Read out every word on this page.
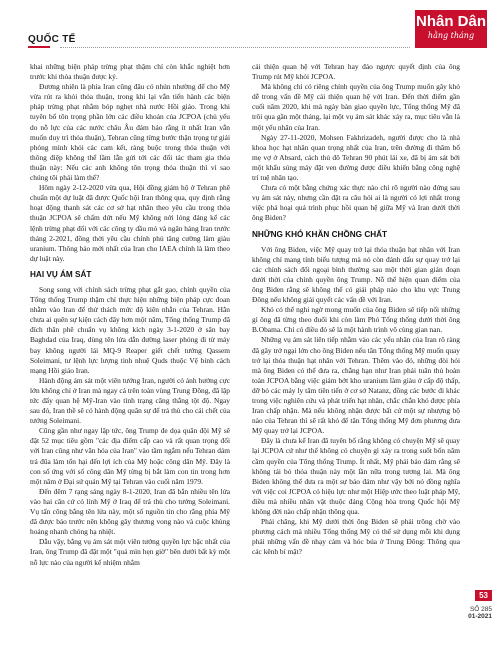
QUỐC TẾ
Nhân Dân
hằng tháng

khai những biện pháp trừng phạt thậm chí còn khắc nghiệt hơn trước khi thỏa thuận được ký.

Đương nhiên là phía Iran cũng đâu có nhún nhường để cho Mỹ vừa rút ra khỏi thỏa thuận, trong khi lại vẫn tiến hành các biện pháp trừng phạt nhằm bóp nghẹt nhà nước Hồi giáo. Trong khi tuyên bố tôn trọng phần lớn các điều khoản của JCPOA (chủ yếu do nỗ lực của các nước châu Âu đảm bảo rằng ít nhất Iran vẫn muốn duy trì thỏa thuận), Tehran cũng từng bước thận trọng tự giải phóng mình khỏi các cam kết, ràng buộc trong thỏa thuận với thông điệp không thể lầm lẫn gửi tới các đối tác tham gia thỏa thuận này: Nếu các anh không tôn trọng thỏa thuận thì vì sao chúng tôi phải làm thế?

Hôm ngày 2-12-2020 vừa qua, Hội đồng giám hộ ở Tehran phê chuẩn một dự luật đã được Quốc hội Iran thông qua, quy định rằng hoạt động thanh sát các cơ sở hạt nhân theo yêu cầu trong thỏa thuận JCPOA sẽ chấm dứt nếu Mỹ không nới lỏng đáng kể các lệnh trừng phạt đối với các công ty dầu mỏ và ngân hàng Iran trước tháng 2-2021, đồng thời yêu cầu chính phủ tăng cường làm giàu uranium. Thông báo mới nhất của Iran cho IAEA chính là làm theo dự luật này.

HAI VỤ ÁM SÁT

Song song với chính sách trừng phạt gắt gao, chính quyền của Tổng thống Trump thậm chí thực hiện những biện pháp cực đoan nhằm vào Iran để thử thách mức độ kiên nhẫn của Tehran. Hẳn chưa ai quên sự kiện cách đây hơn một năm, Tổng thống Trump đã đích thân phê chuẩn vụ không kích ngày 3-1-2020 ở sân bay Baghdad của Iraq, dùng tên lửa dẫn đường laser phóng đi từ máy bay không người lái MQ-9 Reaper giết chết tướng Qassem Soleimani, tư lệnh lực lượng tinh nhuệ Quds thuộc Vệ binh cách mạng Hồi giáo Iran.

Hành động ám sát một viên tướng Iran, người có ảnh hưởng cực lớn không chỉ ở Iran mà ngay cả trên toàn vùng Trung Đông, đã lập tức đẩy quan hệ Mỹ-Iran vào tình trạng căng thẳng tột độ. Ngay sau đó, Iran thề sẽ có hành động quân sự để trả thù cho cái chết của tướng Soleimani.

Cũng gần như ngay lập tức, ông Trump đe dọa quân đội Mỹ sẽ đặt 52 mục tiêu gồm "các địa điểm cấp cao và rất quan trọng đối với Iran cũng như văn hóa của Iran" vào tầm ngắm nếu Tehran dám trả đũa làm tổn hại đến lợi ích của Mỹ hoặc công dân Mỹ. Đây là con số ứng với số công dân Mỹ từng bị bắt làm con tin trong hơn một năm ở Đại sứ quán Mỹ tại Tehran vào cuối năm 1979.

Đến đêm 7 rạng sáng ngày 8-1-2020, Iran đã bắn nhiều tên lửa vào hai căn cứ có lính Mỹ ở Iraq để trả thù cho tướng Soleimani. Vụ tấn công bằng tên lửa này, một số nguồn tin cho rằng phía Mỹ đã được báo trước nên không gây thương vong nào và cuộc khủng hoảng nhanh chóng hạ nhiệt.

Dẫu vậy, bằng vụ ám sát một viên tướng quyền lực bậc nhất của Iran, ông Trump đã đặt một "quả mìn hẹn giờ" bên dưới bất kỳ một nỗ lực nào của người kế nhiệm nhằm

cải thiện quan hệ với Tehran hay đảo ngược quyết định của ông Trump rút Mỹ khỏi JCPOA.

Mà không chỉ có riêng chính quyền của ông Trump muốn gây khó dễ trong vấn đề Mỹ cải thiện quan hệ với Iran. Đến thời điểm gần cuối năm 2020, khi mà ngày bàn giao quyền lực, Tổng thống Mỹ đã trôi qua gần một tháng, lại một vụ ám sát khác xảy ra, mục tiêu vẫn là một yếu nhân của Iran.

Ngày 27-11-2020, Mohsen Fakhrizadeh, người được cho là nhà khoa học hạt nhân quan trọng nhất của Iran, trên đường đi thăm bố mẹ vợ ở Absard, cách thủ đô Tehran 90 phút lái xe, đã bị ám sát bởi một khẩu súng máy đặt ven đường được điều khiển bằng công nghệ trí tuệ nhân tạo.

Chưa có một bằng chứng xác thực nào chỉ rõ người nào đứng sau vụ ám sát này, nhưng cần đặt ra câu hỏi ai là người có lợi nhất trong việc phá hoại quá trình phục hồi quan hệ giữa Mỹ và Iran dưới thời ông Biden?

NHỮNG KHÓ KHĂN CHỒNG CHẤT

Với ông Biden, việc Mỹ quay trở lại thỏa thuận hạt nhân với Iran không chỉ mang tính biểu tượng mà nó còn đánh dấu sự quay trở lại các chính sách đối ngoại bình thường sau một thời gian gián đoạn dưới thời của chính quyền ông Trump. Nỗ thể hiện quan điểm của ông Biden rằng sẽ không thể có giải pháp nào cho khu vực Trung Đông nếu không giải quyết các vấn đề với Iran.

Khó có thể nghi ngờ mong muốn của ông Biden sẽ tiếp nối những gì ông đã từng theo đuổi khi còn làm Phó Tổng thống dưới thời ông B.Obama. Chỉ có điều đó sẽ là một hành trình vô cùng gian nan.

Những vụ ám sát liên tiếp nhằm vào các yếu nhân của Iran rõ ràng đã gây trở ngại lớn cho ông Biden nếu tân Tổng thống Mỹ muốn quay trở lại thỏa thuận hạt nhân với Tehran. Thêm vào đó, những đòi hỏi mà ông Biden có thể đưa ra, chẳng hạn như Iran phải tuân thủ hoàn toàn JCPOA bằng việc giảm bớt kho uranium làm giàu ở cấp độ thấp, dỡ bỏ các máy ly tâm tiên tiến ở cơ sở Natanz, đồng các bước đi khác trong việc nghiên cứu và phát triển hạt nhân, chắc chắn khó được phía Iran chấp nhận. Mà nếu không nhận được bất cứ một sự nhượng bộ nào của Tehran thì sẽ rất khó để tân Tổng thống Mỹ đơn phương đưa Mỹ quay trở lại JCPOA.

Đây là chưa kể Iran đã tuyên bố rằng không có chuyện Mỹ sẽ quay lại JCPOA cứ như thể không có chuyện gì xảy ra trong suốt bốn năm cầm quyền của Tổng thống Trump. Ít nhất, Mỹ phải bảo đảm rằng sẽ không tái bỏ thỏa thuận này một lần nữa trong tương lai. Mà ông Biden không thể đưa ra một sự bảo đảm như vậy bởi nó đồng nghĩa với việc coi JCPOA có hiệu lực như một Hiệp ước theo luật pháp Mỹ, điều mà nhiều nhân vật thuộc đảng Cộng hòa trong Quốc hội Mỹ không đời nào chấp nhận thông qua.

Phải chăng, khi Mỹ dưới thời ông Biden sẽ phải trông chờ vào phương cách mà nhiều Tổng thống Mỹ có thể sử dụng mỗi khi dụng phải những vấn đề nhạy cảm và hóc búa ở Trung Đông: Thông qua các kênh bí mật?

53
SỐ 285
01-2021
